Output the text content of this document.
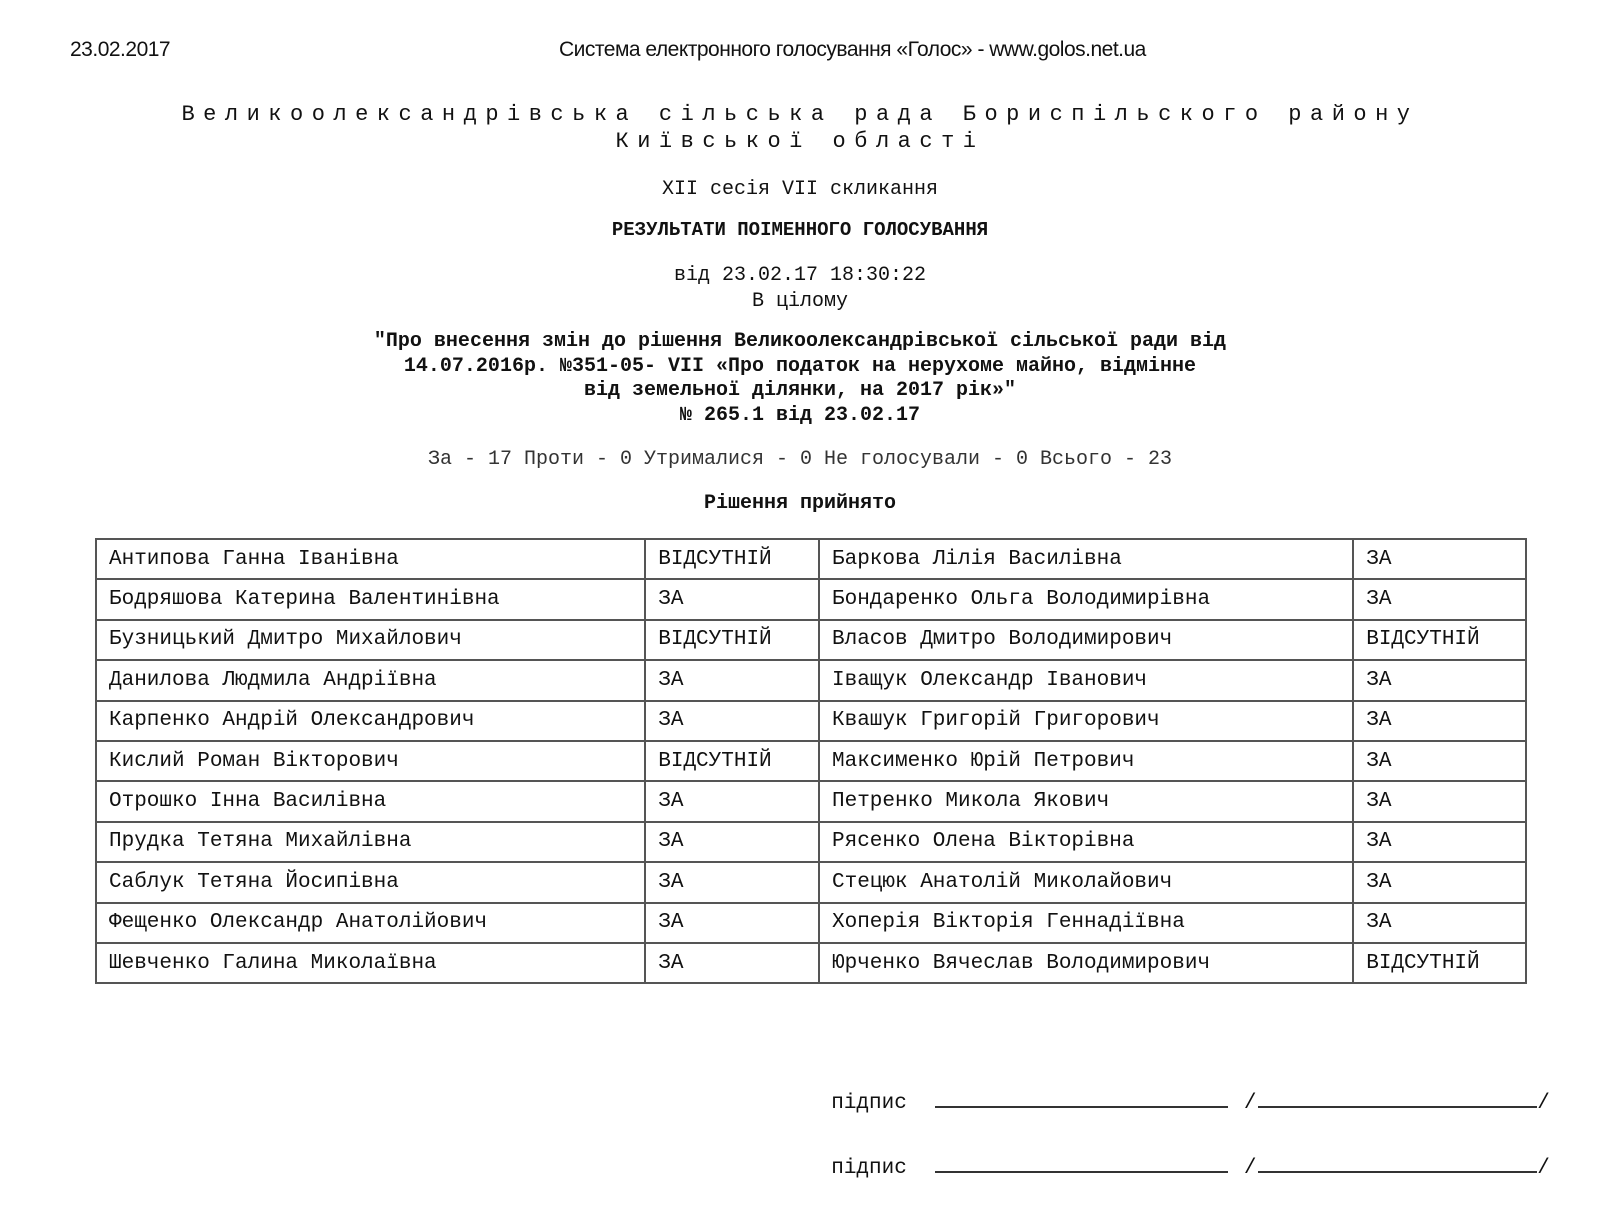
23.02.2017	Система електронного голосування «Голос» - www.golos.net.ua
Великоолександрівська сільська рада Бориспільского району
Київської області
XII сесія VII скликання
РЕЗУЛЬТАТИ ПОІМЕННОГО ГОЛОСУВАННЯ
від 23.02.17 18:30:22
В цілому
"Про внесення змін до рішення Великоолександрівської сільської ради від
14.07.2016р. №351-05- VII «Про податок на нерухоме майно, відмінне
від земельної ділянки, на 2017 рік»"
№ 265.1 від 23.02.17
За - 17 Проти - 0 Утрималися - 0 Не голосували - 0 Всього - 23
Рішення прийнято
Антипова Ганна Іванівна	ВІДСУТНІЙ	Баркова Лілія Василівна	ЗА
Бодряшова Катерина Валентинівна	ЗА	Бондаренко Ольга Володимирівна	ЗА
Бузницький Дмитро Михайлович	ВІДСУТНІЙ	Власов Дмитро Володимирович	ВІДСУТНІЙ
Данилова Людмила Андріївна	ЗА	Іващук Олександр Іванович	ЗА
Карпенко Андрій Олександрович	ЗА	Квашук Григорій Григорович	ЗА
Кислий Роман Вікторович	ВІДСУТНІЙ	Максименко Юрій Петрович	ЗА
Отрошко Інна Василівна	ЗА	Петренко Микола Якович	ЗА
Прудка Тетяна Михайлівна	ЗА	Рясенко Олена Вікторівна	ЗА
Саблук Тетяна Йосипівна	ЗА	Стецюк Анатолій Миколайович	ЗА
Фещенко Олександр Анатолійович	ЗА	Хоперія Вікторія Геннадіївна	ЗА
Шевченко Галина Миколаївна	ЗА	Юрченко Вячеслав Володимирович	ВІДСУТНІЙ

підпис	/	/

підпис	/	/
